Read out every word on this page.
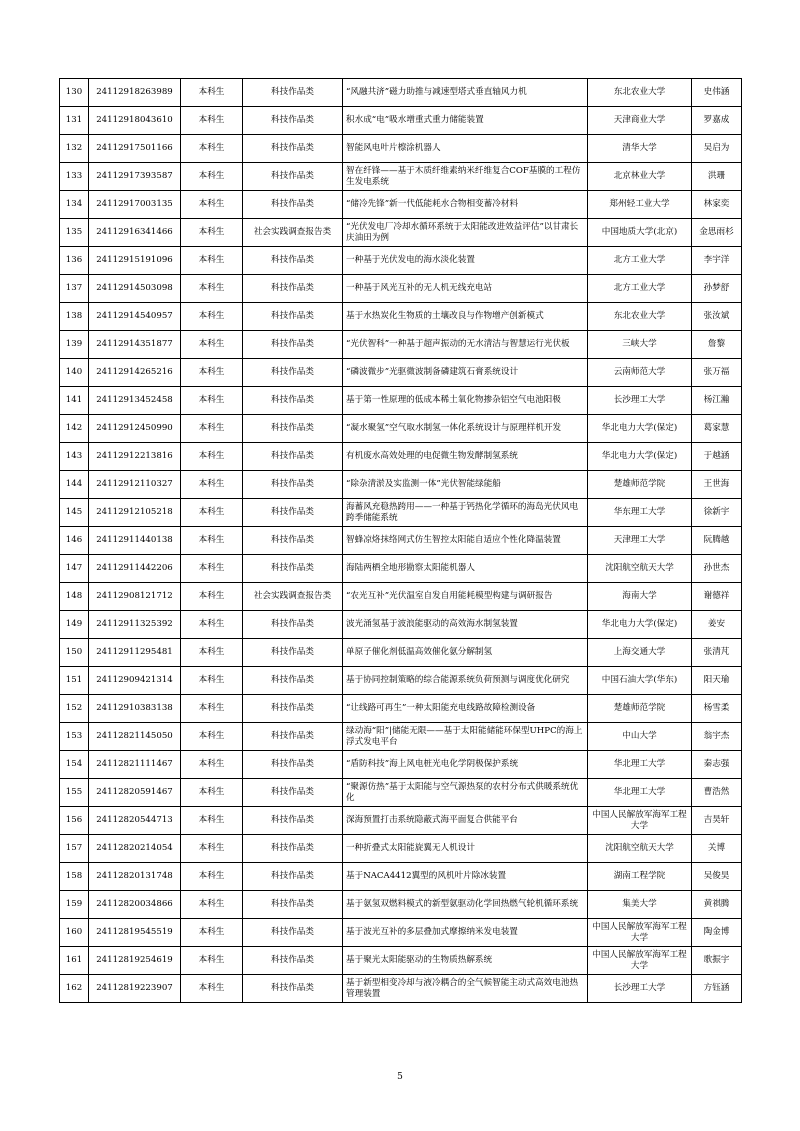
130	24112918263989	本科生	科技作品类	“风融共济”磁力助推与减速型塔式垂直轴风力机	东北农业大学	史伟涵
131	24112918043610	本科生	科技作品类	积水成“电”吸水增重式重力储能装置	天津商业大学	罗嘉成
132	24112917501166	本科生	科技作品类	智能风电叶片檫涂机器人	清华大学	吴启为
133	24112917393587	本科生	科技作品类	智在纤锋——基于木质纤维素纳米纤维复合COF基膜的工程仿生发电系统	北京林业大学	洪珊
134	24112917003135	本科生	科技作品类	“储冷先锋”新一代低能耗水合物相变蓄冷材料	郑州轻工业大学	林家奕
135	24112916341466	本科生	社会实践调查报告类	“光伏发电厂冷却水循环系统于太阳能改进效益评估”以甘肃长庆油田为例	中国地质大学(北京)	金思雨杉
136	24112915191096	本科生	科技作品类	一种基于光伏发电的海水淡化装置	北方工业大学	李宇洋
137	24112914503098	本科生	科技作品类	一种基于风光互补的无人机无线充电站	北方工业大学	孙梦舒
138	24112914540957	本科生	科技作品类	基于水热炭化生物质的土壤改良与作物增产创新模式	东北农业大学	张汝斌
139	24112914351877	本科生	科技作品类	“光伏智科”一种基于超声振动的无水清洁与智慧运行光伏板	三峡大学	詹黎
140	24112914265216	本科生	科技作品类	“磷波微步”光驱微波制备磷建筑石膏系统设计	云南师范大学	张万福
141	24112913452458	本科生	科技作品类	基于第一性原理的低成本稀土氧化物掺杂铝空气电池阳极	长沙理工大学	杨江瀚
142	24112912450990	本科生	科技作品类	“凝水聚氢”空气取水制氢一体化系统设计与原理样机开发	华北电力大学(保定)	葛家慧
143	24112912213816	本科生	科技作品类	有机废水高效处理的电促微生物发酵制氢系统	华北电力大学(保定)	于越涵
144	24112912110327	本科生	科技作品类	“除杂清淤及实监测一体”光伏智能绿能船	楚雄师范学院	王世海
145	24112912105218	本科生	科技作品类	海蓄风充稳热跨用——一种基于钙热化学循环的海岛光伏风电跨季储能系统	华东理工大学	徐新宇
146	24112911440138	本科生	科技作品类	智蜂凉烙抹络网式仿生智控太阳能自适应个性化降温装置	天津理工大学	阮腾越
147	24112911442206	本科生	科技作品类	海陆两栖全地形勘察太阳能机器人	沈阳航空航天大学	孙世杰
148	24112908121712	本科生	社会实践调查报告类	“农光互补”光伏温室自发自用能耗模型构建与调研报告	海南大学	谢德祥
149	24112911325392	本科生	科技作品类	波光涌氢基于波浪能驱动的高效海水制氢装置	华北电力大学(保定)	姜安
150	24112911295481	本科生	科技作品类	单原子催化剂低温高效催化氨分解制氢	上海交通大学	张清芃
151	24112909421314	本科生	科技作品类	基于协同控制策略的综合能源系统负荷预测与调度优化研究	中国石油大学(华东)	阳天瑜
152	24112910383138	本科生	科技作品类	“让线路可再生”一种太阳能充电线路故障检测设备	楚雄师范学院	杨雪柔
153	24112821145050	本科生	科技作品类	绿动海“阳”|储能无限——基于太阳能储能环保型UHPC的海上浮式发电平台	中山大学	翁宇杰
154	24112821111467	本科生	科技作品类	“盾防科技”海上风电桩光电化学阴极保护系统	华北理工大学	秦志强
155	24112820591467	本科生	科技作品类	“聚源仿热”基于太阳能与空气源热泵的农村分布式供暖系统优化	华北理工大学	曹浩然
156	24112820544713	本科生	科技作品类	深海预置打击系统隐蔽式海平面复合供能平台	中国人民解放军海军工程大学	吉昊轩
157	24112820214054	本科生	科技作品类	一种折叠式太阳能旋翼无人机设计	沈阳航空航天大学	关博
158	24112820131748	本科生	科技作品类	基于NACA4412翼型的风机叶片除冰装置	湖南工程学院	吴俊昊
159	24112820034866	本科生	科技作品类	基于氨氢双燃料模式的新型氨驱动化学回热燃气轮机循环系统	集美大学	黄祺腾
160	24112819545519	本科生	科技作品类	基于波光互补的多层叠加式摩擦纳米发电装置	中国人民解放军海军工程大学	陶金博
161	24112819254619	本科生	科技作品类	基于聚光太阳能驱动的生物质热解系统	中国人民解放军海军工程大学	歌振宇
162	24112819223907	本科生	科技作品类	基于新型相变冷却与液冷耦合的全气候智能主动式高效电池热管理装置	长沙理工大学	方钰涵
5
